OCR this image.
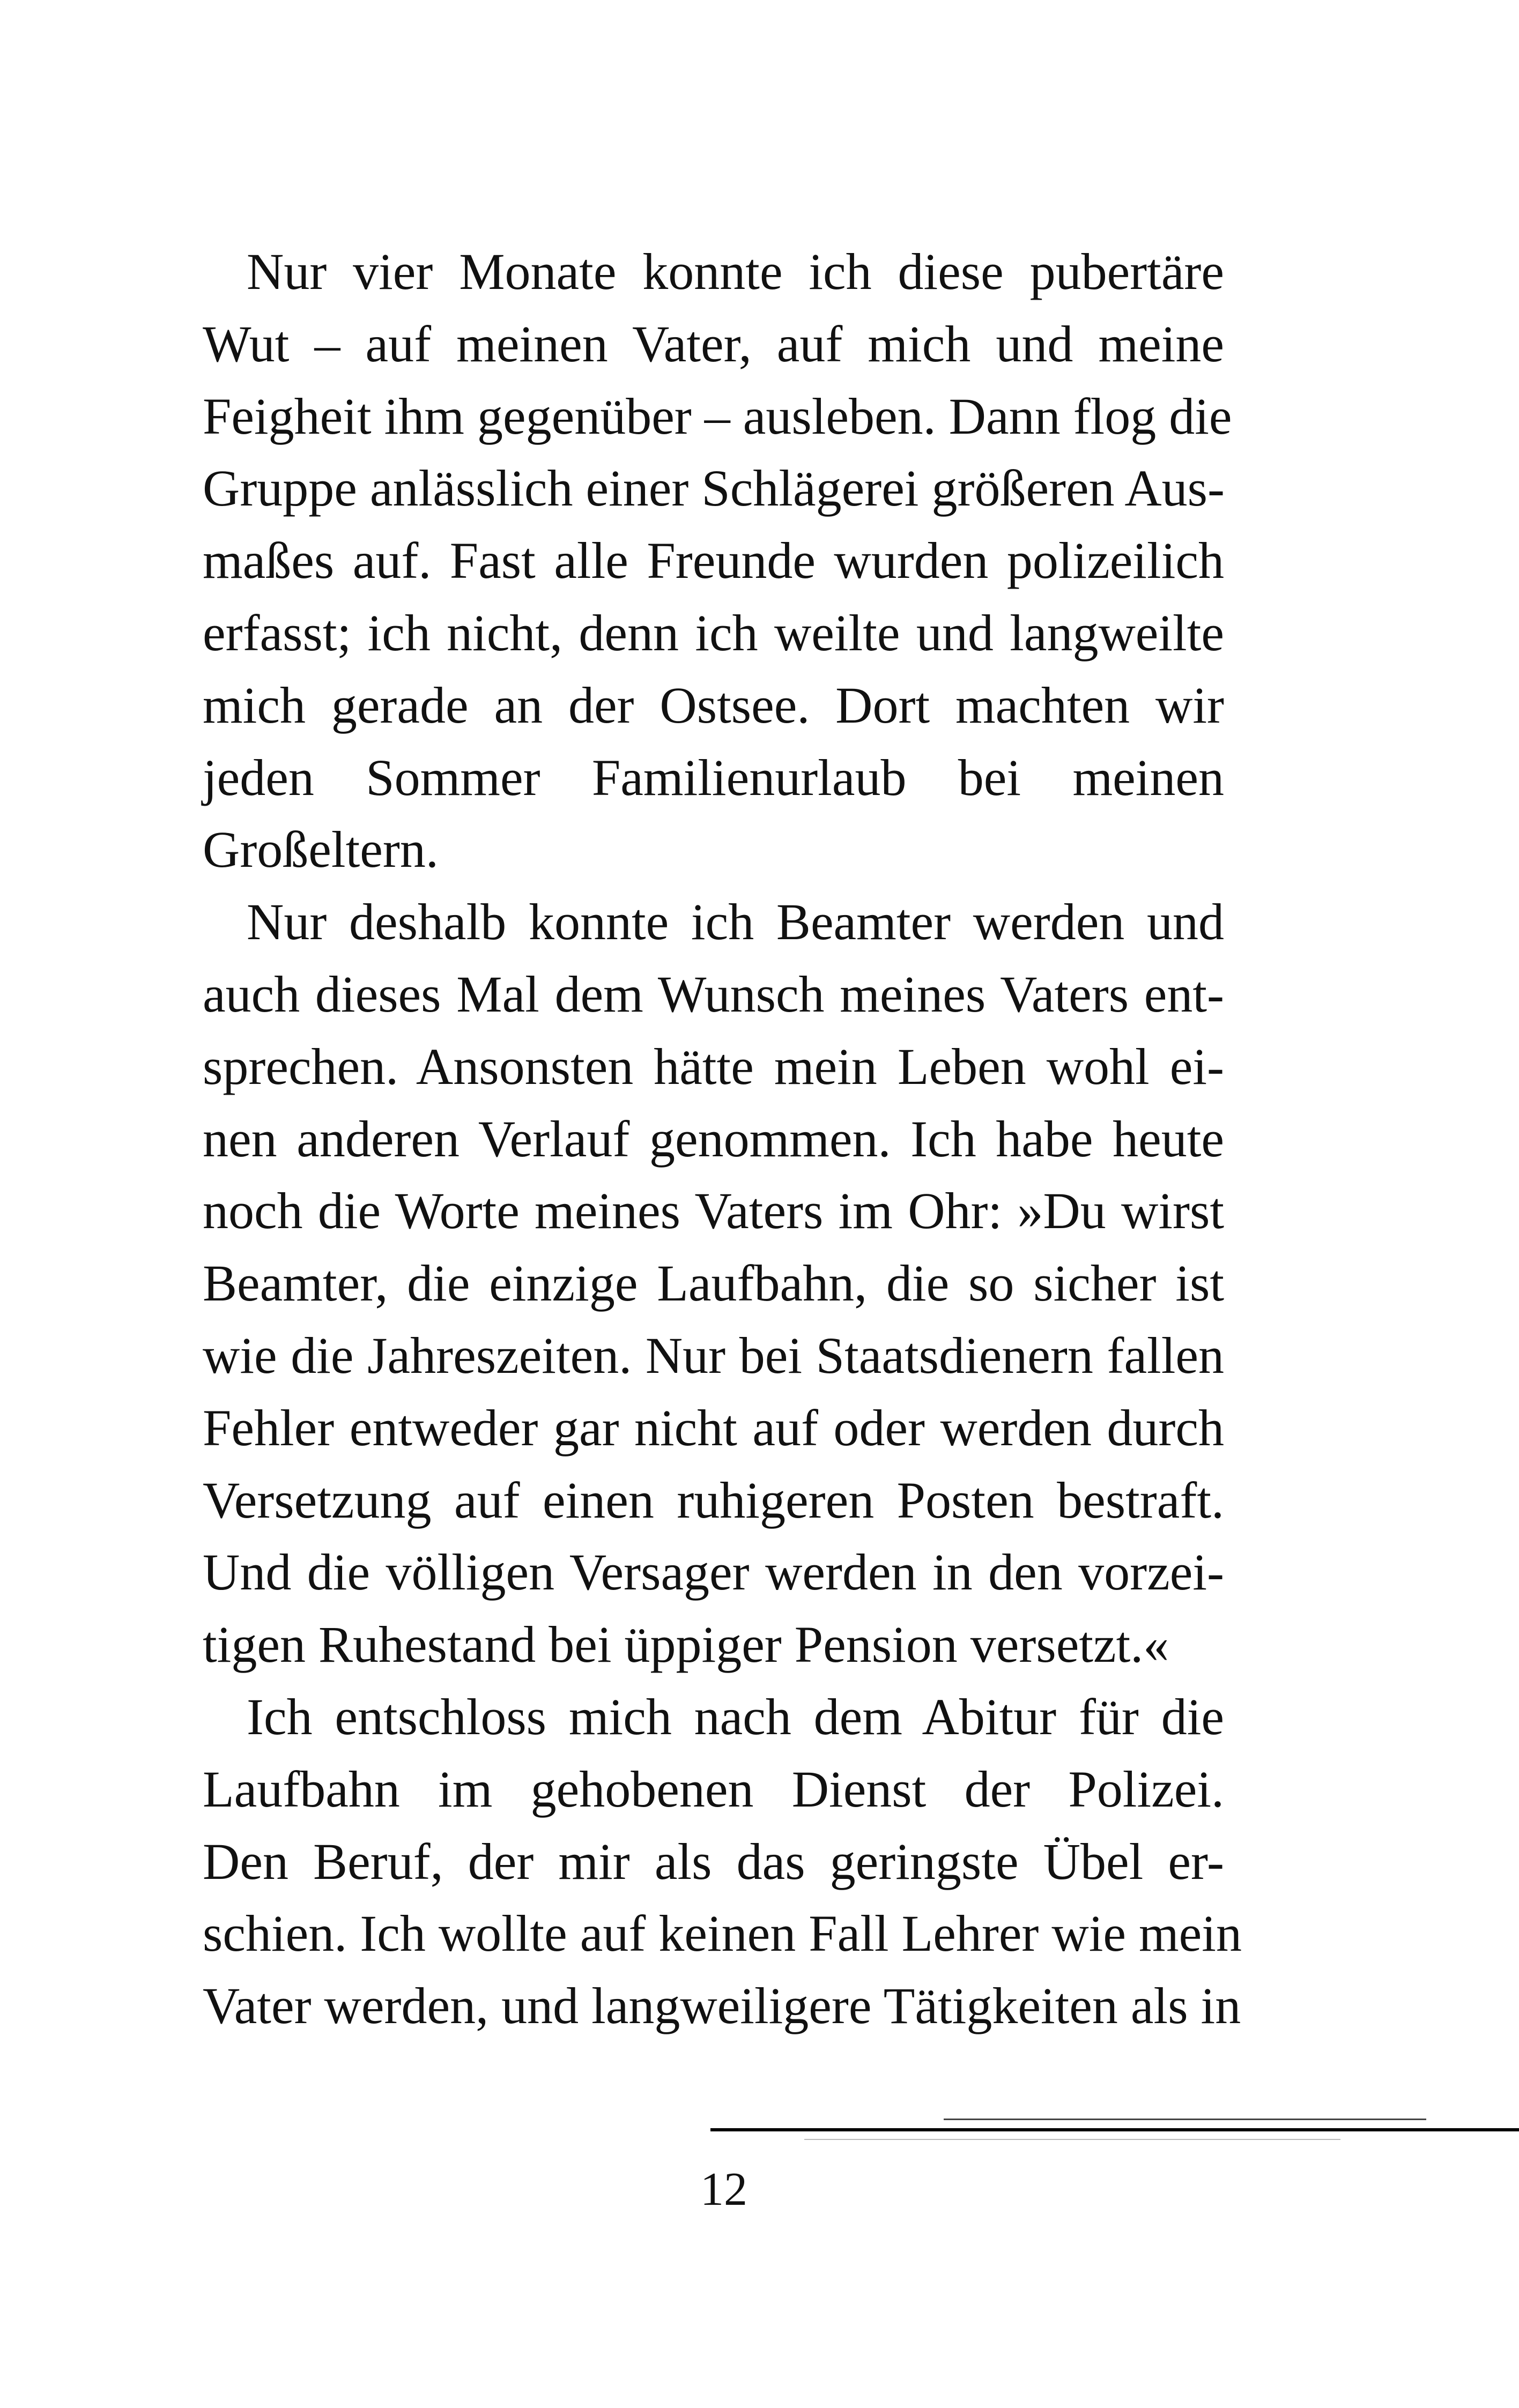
Nur vier Monate konnte ich diese pubertäre
Wut – auf meinen Vater, auf mich und meine
Feigheit ihm gegenüber – ausleben. Dann flog die
Gruppe anlässlich einer Schlägerei größeren Aus-
maßes auf. Fast alle Freunde wurden polizeilich
erfasst; ich nicht, denn ich weilte und langweilte
mich gerade an der Ostsee. Dort machten wir
jeden Sommer Familienurlaub bei meinen
Großeltern.
Nur deshalb konnte ich Beamter werden und
auch dieses Mal dem Wunsch meines Vaters ent-
sprechen. Ansonsten hätte mein Leben wohl ei-
nen anderen Verlauf genommen. Ich habe heute
noch die Worte meines Vaters im Ohr: »Du wirst
Beamter, die einzige Laufbahn, die so sicher ist
wie die Jahreszeiten. Nur bei Staatsdienern fallen
Fehler entweder gar nicht auf oder werden durch
Versetzung auf einen ruhigeren Posten bestraft.
Und die völligen Versager werden in den vorzei-
tigen Ruhestand bei üppiger Pension versetzt.«
Ich entschloss mich nach dem Abitur für die
Laufbahn im gehobenen Dienst der Polizei.
Den Beruf, der mir als das geringste Übel er-
schien. Ich wollte auf keinen Fall Lehrer wie mein
Vater werden, und langweiligere Tätigkeiten als in
12
